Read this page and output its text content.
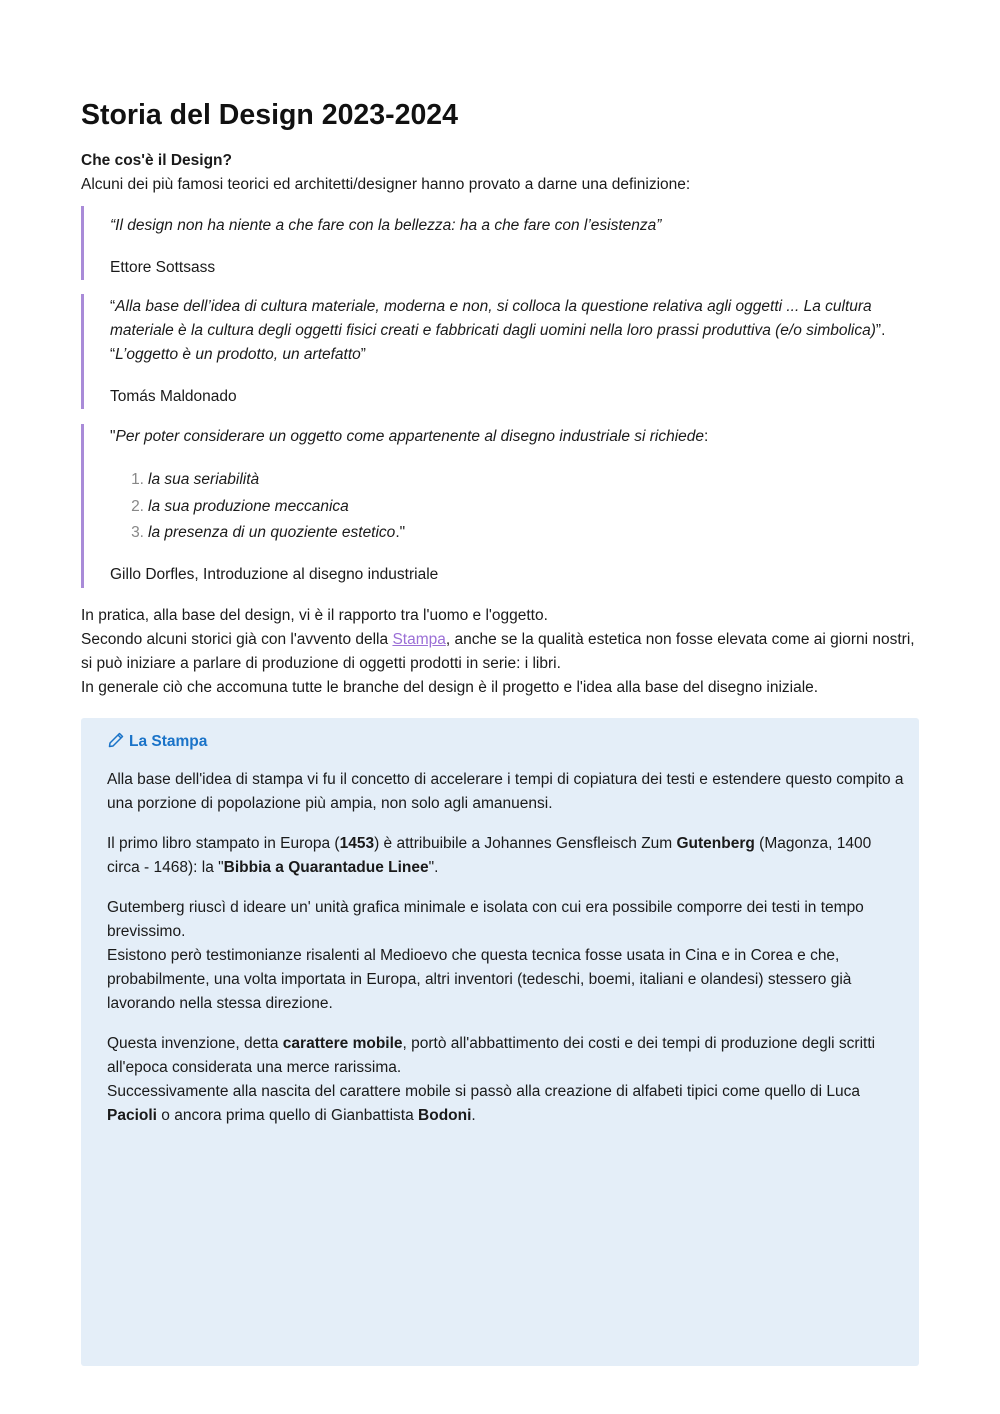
Storia del Design 2023-2024
Che cos'è il Design?
Alcuni dei più famosi teorici ed architetti/designer hanno provato a darne una definizione:

“Il design non ha niente a che fare con la bellezza: ha a che fare con l’esistenza”

Ettore Sottsass

“Alla base dell’idea di cultura materiale, moderna e non, si colloca la questione relativa agli oggetti ... La cultura materiale è la cultura degli oggetti fisici creati e fabbricati dagli uomini nella loro prassi produttiva (e/o simbolica)”.
“L’oggetto è un prodotto, un artefatto”

Tomás Maldonado

"Per poter considerare un oggetto come appartenente al disegno industriale si richiede:

1. la sua seriabilità
2. la sua produzione meccanica
3. la presenza di un quoziente estetico."

Gillo Dorfles, Introduzione al disegno industriale

In pratica, alla base del design, vi è il rapporto tra l'uomo e l'oggetto.
Secondo alcuni storici già con l'avvento della Stampa, anche se la qualità estetica non fosse elevata come ai giorni nostri, si può iniziare a parlare di produzione di oggetti prodotti in serie: i libri.
In generale ciò che accomuna tutte le branche del design è il progetto e l'idea alla base del disegno iniziale.
La Stampa

Alla base dell'idea di stampa vi fu il concetto di accelerare i tempi di copiatura dei testi e estendere questo compito a una porzione di popolazione più ampia, non solo agli amanuensi.

Il primo libro stampato in Europa (1453) è attribuibile a Johannes Gensfleisch Zum Gutenberg (Magonza, 1400 circa - 1468): la "Bibbia a Quarantadue Linee".

Gutemberg riuscì d ideare un' unità grafica minimale e isolata con cui era possibile comporre dei testi in tempo brevissimo.
Esistono però testimonianze risalenti al Medioevo che questa tecnica fosse usata in Cina e in Corea e che, probabilmente, una volta importata in Europa, altri inventori (tedeschi, boemi, italiani e olandesi) stessero già lavorando nella stessa direzione.

Questa invenzione, detta carattere mobile, portò all'abbattimento dei costi e dei tempi di produzione degli scritti all'epoca considerata una merce rarissima.
Successivamente alla nascita del carattere mobile si passò alla creazione di alfabeti tipici come quello di Luca Pacioli o ancora prima quello di Gianbattista Bodoni.
